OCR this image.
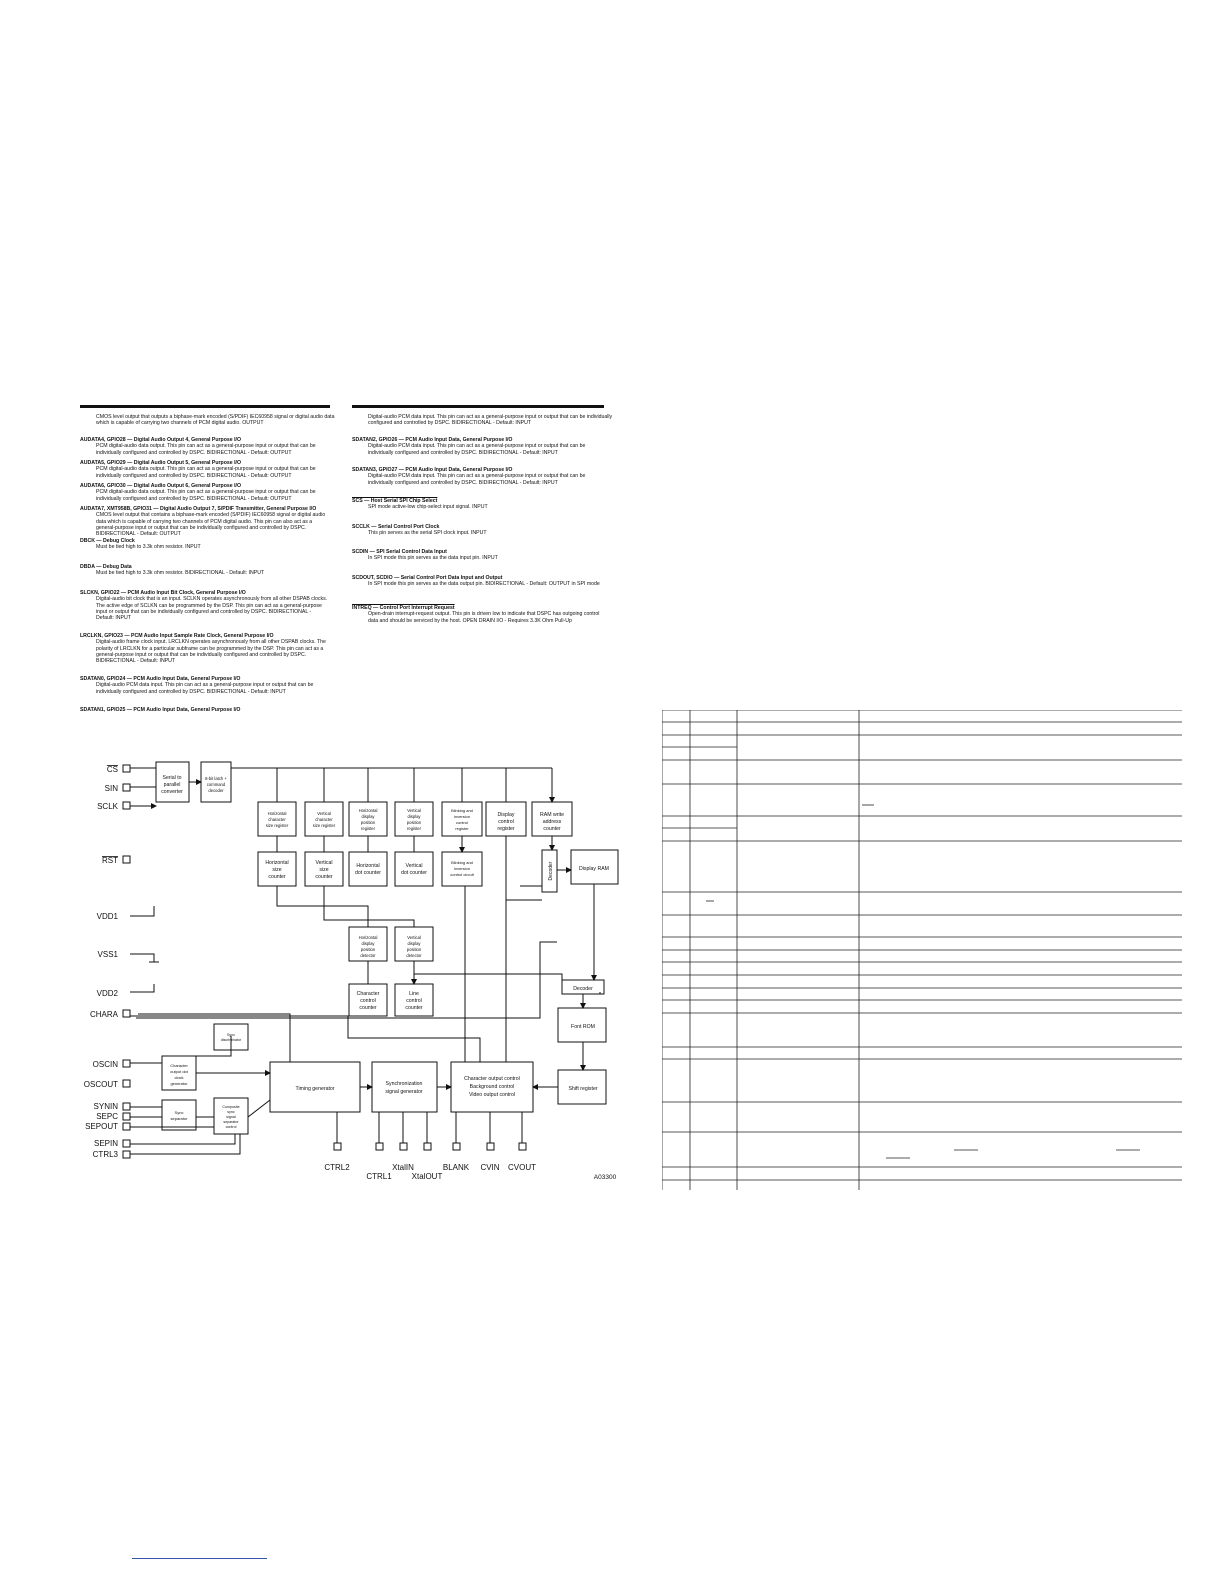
CMOS level output that outputs a biphase-mark encoded (S/PDIF) IEC60958 signal or digital audio data which is capable of carrying two channels of PCM digital audio. OUTPUT
AUDATA4, GPIO28 — Digital Audio Output 4, General Purpose I/O
PCM digital-audio data output. This pin can act as a general-purpose input or output that can be individually configured and controlled by DSPC. BIDIRECTIONAL - Default: OUTPUT
AUDATA5, GPIO29 — Digital Audio Output 5, General Purpose I/O
PCM digital-audio data output. This pin can act as a general-purpose input or output that can be individually configured and controlled by DSPC. BIDIRECTIONAL - Default: OUTPUT
AUDATA6, GPIO30 — Digital Audio Output 6, General Purpose I/O
PCM digital-audio data output. This pin can act as a general-purpose input or output that can be individually configured and controlled by DSPC. BIDIRECTIONAL - Default: OUTPUT
AUDATA7, XMT958B, GPIO31 — Digital Audio Output 7, S/PDIF Transmitter, General Purpose I/O
CMOS level output that contains a biphase-mark encoded (S/PDIF) IEC60958 signal or digital audio data which is capable of carrying two channels of PCM digital audio. This pin can also act as a general-purpose input or output that can be individually configured and controlled by DSPC. BIDIRECTIONAL - Default: OUTPUT
DBCK — Debug Clock
Must be tied high to 3.3k ohm resistor. INPUT
DBDA — Debug Data
Must be tied high to 3.3k ohm resistor. BIDIRECTIONAL - Default: INPUT
SLCKN, GPIO22 — PCM Audio Input Bit Clock, General Purpose I/O
Digital-audio bit clock that is an input. SCLKN operates asynchronously from all other DSPAB clocks. The active edge of SCLKN can be programmed by the DSP. This pin can act as a general-purpose input or output that can be individually configured and controlled by DSPC. BIDIRECTIONAL - Default: INPUT
LRCLKN, GPIO23 — PCM Audio Input Sample Rate Clock, General Purpose I/O
Digital-audio frame clock input. LRCLKN operates asynchronously from all other DSPAB clocks. The polarity of LRCLKN for a particular subframe can be programmed by the DSP. This pin can act as a general-purpose input or output that can be individually configured and controlled by DSPC. BIDIRECTIONAL - Default: INPUT
SDATAN0, GPIO24 — PCM Audio Input Data, General Purpose I/O
Digital-audio PCM data input. This pin can act as a general-purpose input or output that can be individually configured and controlled by DSPC. BIDIRECTIONAL - Default: INPUT
SDATAN1, GPIO25 — PCM Audio Input Data, General Purpose I/O
Digital-audio PCM data input. This pin can act as a general-purpose input or output that can be individually configured and controlled by DSPC. BIDIRECTIONAL - Default: INPUT
SDATAN2, GPIO26 — PCM Audio Input Data, General Purpose I/O
Digital-audio PCM data input. This pin can act as a general-purpose input or output that can be individually configured and controlled by DSPC. BIDIRECTIONAL - Default: INPUT
SDATAN3, GPIO27 — PCM Audio Input Data, General Purpose I/O
Digital-audio PCM data input. This pin can act as a general-purpose input or output that can be individually configured and controlled by DSPC. BIDIRECTIONAL - Default: INPUT
SCS — Host Serial SPI Chip Select
SPI mode active-low chip-select input signal. INPUT
SCCLK — Serial Control Port Clock
This pin serves as the serial SPI clock input. INPUT
SCDIN — SPI Serial Control Data Input
In SPI mode this pin serves as the data input pin. INPUT
SCDOUT, SCDIO — Serial Control Port Data Input and Output
In SPI mode this pin serves as the data output pin. BIDIRECTIONAL - Default: OUTPUT in SPI mode
INTREQ — Control Port Interrupt Request
Open-drain interrupt-request output. This pin is driven low to indicate that DSPC has outgoing control data and should be serviced by the host. OPEN DRAIN I/O - Requires 3.3K Ohm Pull-Up
CS
SIN
SCLK
RST
VDD1
VSS1
VDD2
CHARA
OSCIN
OSCOUT
SYNIN
SEPC
SEPOUT
SEPIN
CTRL3
CTRL2
CTRL1
XtalIN
XtalOUT
BLANK CVIN CVOUT
A03300
Serial to
parallel
converter
8-bit latch +
command
decoder
Horizontal
character
size register
Vertical
character
size register
Horizontal
display
position
register
Vertical
display
position
register
Blinking and
inversion
control
register
Display
control
register
RAM write
address
counter
Horizontal
size
counter
Vertical
size
counter
Horizontal
dot counter
Vertical
dot counter
Blinking and
inversion
control circuit
Display RAM
Horizontal
display
position
detector
Vertical
display
position
detector
Character
control
counter
Line
control
counter
Decoder
Font ROM
Sync
discriminator
Character
output dot
clock
generator
Timing generator
Synchronization
signal generator
Character output control
Background control
Video output control
Shift register
Sync
separator
Composite
sync
signal
separator
control
Decoder
